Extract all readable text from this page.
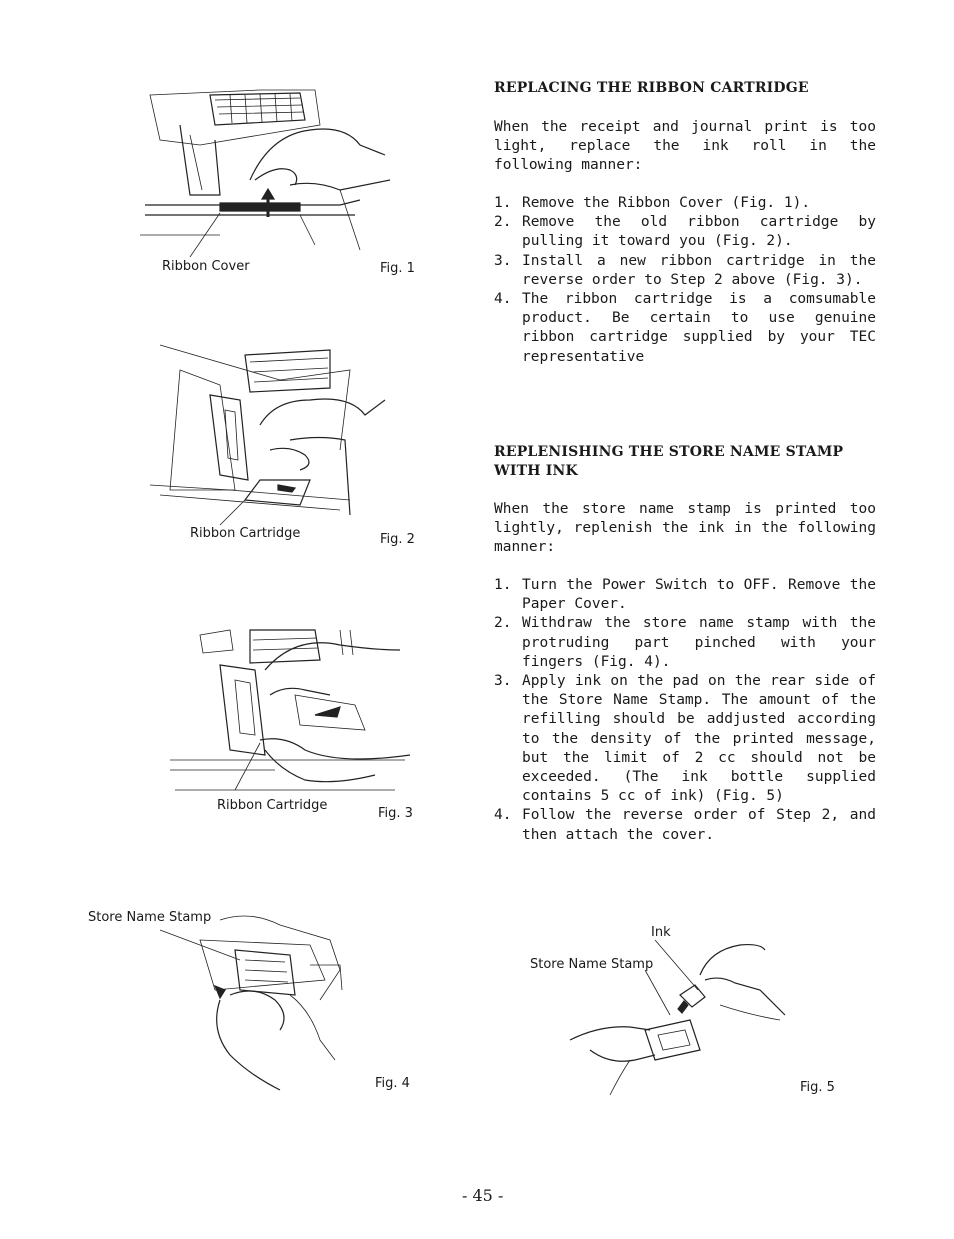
Ribbon Cover	Fig. 1
Ribbon Cartridge	Fig. 2
Ribbon Cartridge
Fig. 3
Store Name Stamp
Fig. 4
Ink
Store Name Stamp
Fig. 5
REPLACING THE RIBBON CARTRIDGE
When the receipt and journal print is too light, replace the ink roll in the following manner:
1. Remove the Ribbon Cover (Fig. 1).
2. Remove the old ribbon cartridge by pulling it toward you (Fig. 2).
3. Install a new ribbon cartridge in the reverse order to Step 2 above (Fig. 3).
4. The ribbon cartridge is a comsumable product. Be certain to use genuine ribbon cartridge supplied by your TEC representative
REPLENISHING THE STORE NAME STAMP WITH INK
When the store name stamp is printed too lightly, replenish the ink in the following manner:
1. Turn the Power Switch to OFF. Remove the Paper Cover.
2. Withdraw the store name stamp with the protruding part pinched with your fingers (Fig. 4).
3. Apply ink on the pad on the rear side of the Store Name Stamp. The amount of the refilling should be addjusted according to the density of the printed message, but the limit of 2 cc should not be exceeded. (The ink bottle supplied contains 5 cc of ink) (Fig. 5)
4. Follow the reverse order of Step 2, and then attach the cover.
- 45 -
